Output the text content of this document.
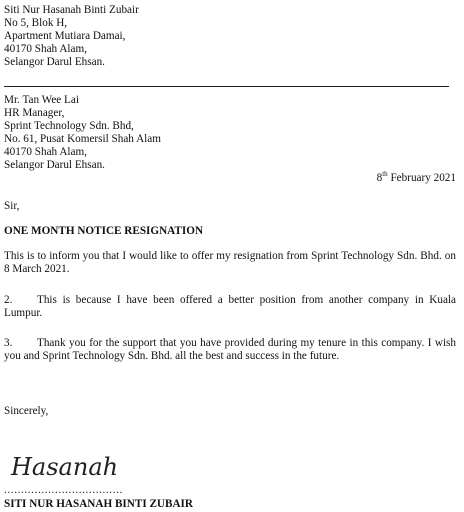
Siti Nur Hasanah Binti Zubair
No 5, Blok H,
Apartment Mutiara Damai,
40170 Shah Alam,
Selangor Darul Ehsan.
Mr. Tan Wee Lai
HR Manager,
Sprint Technology Sdn. Bhd,
No. 61, Pusat Komersil Shah Alam
40170 Shah Alam,
Selangor Darul Ehsan.
8th February 2021
Sir,
ONE MONTH NOTICE RESIGNATION
This is to inform you that I would like to offer my resignation from Sprint Technology Sdn. Bhd. on 8 March 2021.
2. This is because I have been offered a better position from another company in Kuala Lumpur.
3. Thank you for the support that you have provided during my tenure in this company. I wish you and Sprint Technology Sdn. Bhd. all the best and success in the future.
Sincerely,
Hasanah
...................................
SITI NUR HASANAH BINTI ZUBAIR
